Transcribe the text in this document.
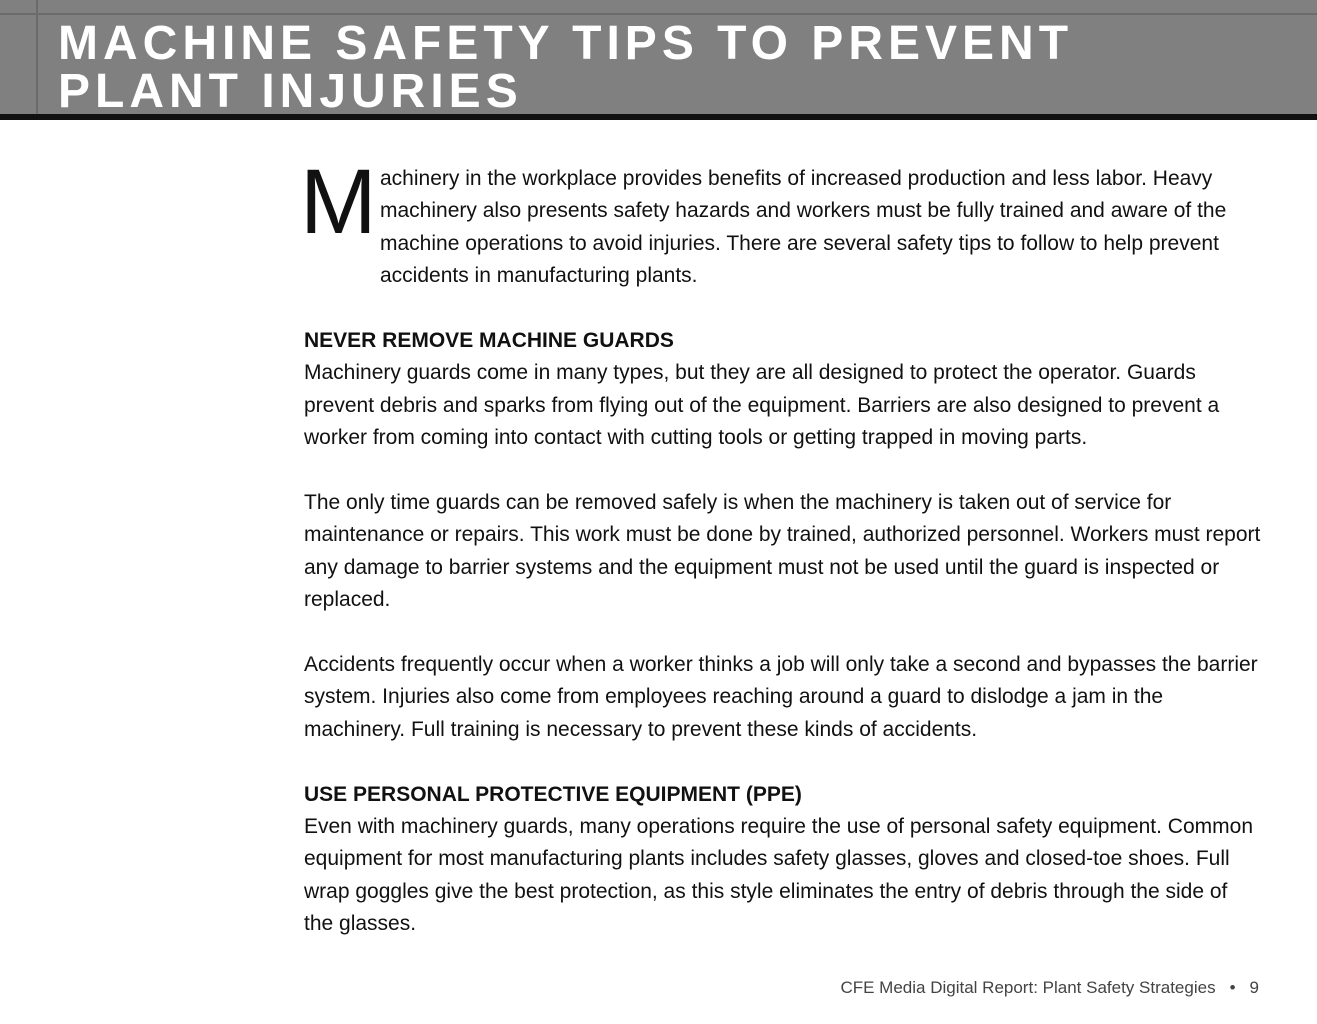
MACHINE SAFETY TIPS TO PREVENT
PLANT INJURIES
M achinery in the workplace provides benefits of increased production and less labor. Heavy machinery also presents safety hazards and workers must be fully trained and aware of the machine operations to avoid injuries. There are several safety tips to follow to help prevent accidents in manufacturing plants.

NEVER REMOVE MACHINE GUARDS

Machinery guards come in many types, but they are all designed to protect the operator. Guards prevent debris and sparks from flying out of the equipment. Barriers are also designed to prevent a worker from coming into contact with cutting tools or getting trapped in moving parts.

The only time guards can be removed safely is when the machinery is taken out of service for maintenance or repairs. This work must be done by trained, authorized personnel. Workers must report any damage to barrier systems and the equipment must not be used until the guard is inspected or replaced.

Accidents frequently occur when a worker thinks a job will only take a second and bypasses the barrier system. Injuries also come from employees reaching around a guard to dislodge a jam in the machinery. Full training is necessary to prevent these kinds of accidents.

USE PERSONAL PROTECTIVE EQUIPMENT (PPE)

Even with machinery guards, many operations require the use of personal safety equipment. Common equipment for most manufacturing plants includes safety glasses, gloves and closed-toe shoes. Full wrap goggles give the best protection, as this style eliminates the entry of debris through the side of the glasses.

CFE Media Digital Report: Plant Safety Strategies • 9
